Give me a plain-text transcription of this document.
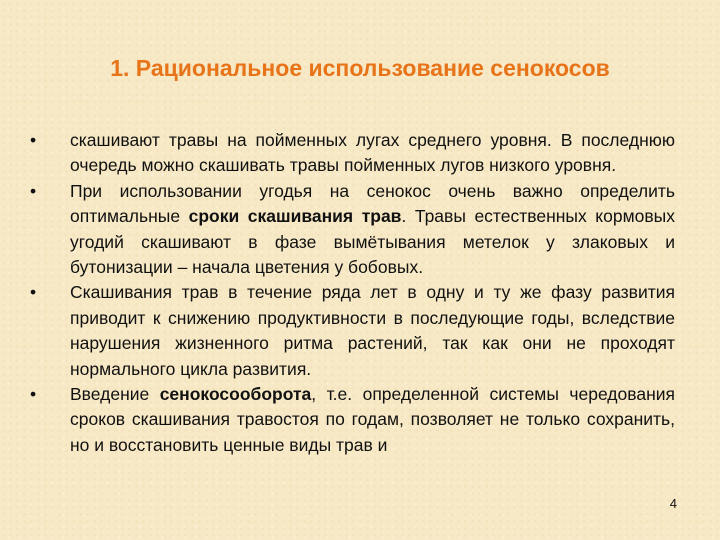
1. Рациональное использование сенокосов
•	скашивают травы на пойменных лугах среднего уровня. В последнюю очередь можно скашивать травы пойменных лугов низкого уровня.
•	При использовании угодья на сенокос очень важно определить оптимальные сроки скашивания трав. Травы естественных кормовых угодий скашивают в фазе вымётывания метелок у злаковых и бутонизации – начала цветения у бобовых.
•	Скашивания трав в течение ряда лет в одну и ту же фазу развития приводит к снижению продуктивности в последующие годы, вследствие нарушения жизненного ритма растений, так как они не проходят нормального цикла развития.
•	Введение сенокосооборота, т.е. определенной системы чередования сроков скашивания травостоя по годам, позволяет не только сохранить, но и восстановить ценные виды трав и
4
